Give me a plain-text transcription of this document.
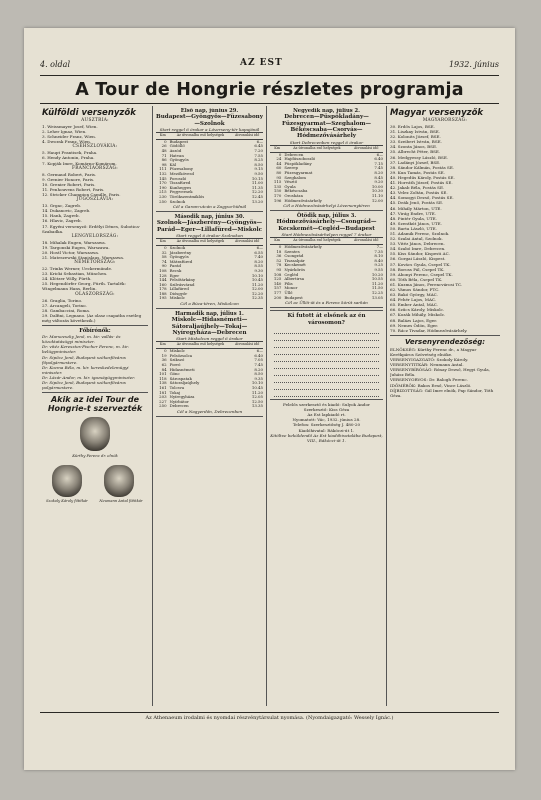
4. oldal	AZ EST	1932. június
A Tour de Hongrie részletes programja
Külföldi versenyzők
AUSZTRIA:
1. Weissmayer Josef, Wien.
2. Leher Ignaz, Wien.
3. Schneider Franz, Wien.
4. Dworak Franz, Wien.
CSEHSZLOVÁKIA:
5. Haupt Frantisek, Praha.
6. Hendy Antonin, Praha.
7. Kopják Imre, Komárno-Komárom.
FRANCIAORSZÁG:
8. Germaud Robert, Paris.
9. Grenier Honore, Paris.
10. Grenier Robert, Paris.
11. Penhouvens Robert, Paris.
12. Stricker Champion Camille, Paris.
JUGOSZLÁVIA:
13. Grgac, Zagreb.
14. Dukanovic, Zagreb.
15. Hank, Zagreb.
16. Hlavic, Zagreb.
17. Egyéni versenyző: Erdélyi Dénes, Subotica-Szabadka.
LENGYELORSZÁG:
18. Mihalak Eugen, Warszawa.
19. Targonski Eugen, Warszawa.
20. Hostl Victor, Warszawa.
21. Mateszewski Stanislaus, Warszawa.
NÉMETORSZÁG:
22. Trinks Werner, Ueckermünde.
23. Kricki Sebastian, München.
24. Klötzer Willy, Fürth.
25. Hegendörfer Georg, Fürth. Tartalék: Wingelmann Hans, Berlin.
OLASZORSZÁG:
26. Graglia, Torino.
27. Arcangeli, Torino.
28. Gambaccini, Roma.
29. Dalfini, Legnano. (Az olasz csapatba esetleg még változás következik.)
Főbírónők:
Dr. Marsovszky Jenő, m. kir. vallás- és közoktatásügyi miniszter.
Dr. vitéz Keresztes-Fischer Ferenc, m. kir. belügyminiszter.
Dr. Sipőcz Jenő, Budapest székesfőváros főpolgármestere.
Dr. Kozma Béla, m. kir. kereskedelemügyi miniszter.
Dr. Lázár Andor, m. kir. igazságügyminiszter.
Dr. Sipőcz Jenő, Budapest székesfőváros polgármestere.
Akik az idei Tour de Hongrie-t szervezték
Kürthy Ferenc dr. elnök
Szokoly Károly főtitkár	Neumann Antal főtitkár
Első nap, június 29.
Budapest—Gyöngyös—Füzesabony—Szolnok
Start reggel 6 órakor a Lóverseny-tér kapujánál
Km	Az útvonalba eső helységek	Átvonulási idő
0	Budapest	6—
26	Gödöllő	6.45
48	Aszód	7.20
71	Hatvan	7.55
86	Gyöngyös	8.25
98	Kál	8.50
111	Füzesabony	9.15
132	Mezőkövesd	9.50
145	Poroszló	10.15
170	Tiszafüred	11.00
190	Kunhegyes	11.35
215	Fegyvernek	12.20
230	Törökszentmiklós	12.45
250	Szolnok	13.20
Cél a Garam-utcán a Zagyva-hídnál
Második nap, június 30.
Szolnok—Jászberény—Gyöngyös—Parád—Eger—Lillafüred—Miskolc
Start reggel 6 órakor Szolnokon
Km	Az útvonalba eső helységek	Átvonulási idő
0	Szolnok	6—
32	Jászberény	6.55
58	Gyöngyös	7.40
74	Mátrafüred	8.20
90	Parád	8.55
108	Recsk	9.30
128	Eger	10.10
144	Felsőtárkány	10.45
160	Szilvásvárad	11.20
178	Lillafüred	12.00
188	Diósgyőr	12.20
195	Miskolc	12.35
Cél a Búza-téren, Miskolcon
Harmadik nap, július 1.
Miskolc—Hidasnémeti—Sátoraljaújhely—Tokaj—Nyíregyháza—Debrecen
Start Miskolcon reggel 6 órakor
Km	Az útvonalba eső helységek	Átvonulási idő
0	Miskolc	6—
19	Felsőzsolca	6.40
36	Szikszó	7.05
62	Forró	7.45
84	Hidasnémeti	8.20
101	Gönc	8.50
118	Sárospatak	9.35
138	Sátoraljaújhely	10.10
161	Tolcsva	10.45
181	Tokaj	11.20
203	Nyíregyháza	12.05
227	Nyírbátor	12.50
250	Debrecen	13.35
Cél a Nagyerdőn, Debrecenben
Negyedik nap, július 2.
Debrecen—Püspökladány—Füzesgyarmat—Szeghalom—Békéscsaba—Csorvás—Hódmezővásárhely
Start Debrecenben reggel 6 órakor
Km	Az útvonalba eső helységek	Átvonulási idő
0	Debrecen	6—
24	Hajdúszoboszló	6.40
44	Püspökladány	7.15
60	Szerep	7.45
80	Füzesgyarmat	8.20
95	Szeghalom	8.45
115	Vésztő	9.20
135	Gyula	10.00
150	Békéscsaba	10.30
170	Orosháza	11.10
196	Hódmezővásárhely	12.00
Cél a Hódmezővásárhelyi Lóversenytéren
Ötödik nap, július 3.
Hódmezővásárhely—Csongrád—Kecskemét—Cegléd—Budapest
Start Hódmezővásárhelyen reggel 7 órakor
Km	Az útvonalba eső helységek	Átvonulási idő
0	Hódmezővásárhely	7—
18	Szentes	7.35
36	Csongrád	8.10
52	Tiszaalpár	8.40
78	Kecskemét	9.25
95	Nyárkőrös	9.55
108	Cegléd	10.20
125	Albertirsa	10.55
140	Pilis	11.20
157	Monor	11.50
177	Üllő	12.25
200	Budapest	13.05
Cél az Üllői-út és a Ferenc körút sarkán
Ki futott át elsőnek az én városomon?
Felelős szerkesztő és kiadó: Sulyok Andor
Szerkesztő: Kiss Géza
Az Est lapkiadó rt.
Nyomatott: Vác, 1932. június 28.
Telefon: Szerkesztőség J. 480-20
Kiadóhivatal: Rákóczi-út 1.
Kitöltve beküldendő Az Est kiadóhivatalába Budapest, VIII., Rákóczi-út 1.
Magyar versenyzők
MAGYARORSZÁG:
30. Erdős Lajos, BSE.
31. Liszkay István, BSE.
32. Kolonits József, BSE.
33. Szeibert István, BSE.
34. Szonta János, BSE.
35. Albrecht Péter, BSE.
36. Medgyessy László, BSE.
37. Ladányi József, BSE.
38. Sándor Kálmán, Postás SE.
39. Kun Tamás, Postás SE.
40. Hegedűs Károly, Postás SE.
41. Horváth József, Postás SE.
42. Jakab Béla, Postás SE.
43. Velez Zoltán, Postás SE.
44. Somogyi Dezső, Postás SE.
45. Deák Jenő, Postás SE.
46. Mihály Márton, UTE.
47. Virág Endre, UTE.
48. Pintér Gyula, UTE.
49. Szentkút János, UTE.
50. Barta László, UTE.
51. Adamik Ferenc, Szolnok.
52. Szalai Antal, Szolnok.
53. Vitéz János, Debrecen.
54. Szabó Imre, Debrecen.
55. Kiss Sándor, Kispesti AC.
56. Gorgai László, Kispest.
57. Kovács Gyula, Csepel TK.
58. Boross Pál, Csepel TK.
59. Abonyi Ferenc, Csepel TK.
60. Tóth Béla, Csepel TK.
61. Kuzma János, Ferencvárosi TC.
62. Vámos Sándor, FTC.
63. Bakó György, MAC.
64. Fehér Lajos, MAC.
65. Ember Antal, MAC.
66. Szűcs Károly, Miskolc.
67. Kozák Mihály, Miskolc.
68. Balázs Lajos, Eger.
69. Nemes Ödön, Eger.
70. Rácz Tivadar, Hódmezővásárhely.
Versenyrendezőség:
ELNÖKSÉG: Kürthy Ferenc dr., a Magyar Kerékpáros Szövetség elnöke.
VERSENYIGAZGATÓ: Szokoly Károly.
VERSENYTITKÁR: Neumann Antal.
VERSENYBÍRÓSÁG: Rónay Dezső, Hegyi Gyula, Juhász Béla.
VERSENYORVOS: Dr. Balogh Ferenc.
IDŐMÉRŐK: Bakos Ernő, Vince László.
DÍJBIZOTTSÁG: Gál Imre elnök, Pap Sándor, Tóth Géza.
Az Athenaeum irodalmi és nyomdai részvénytársulat nyomása. (Nyomdaigazgató: Wessely Ignác.)
